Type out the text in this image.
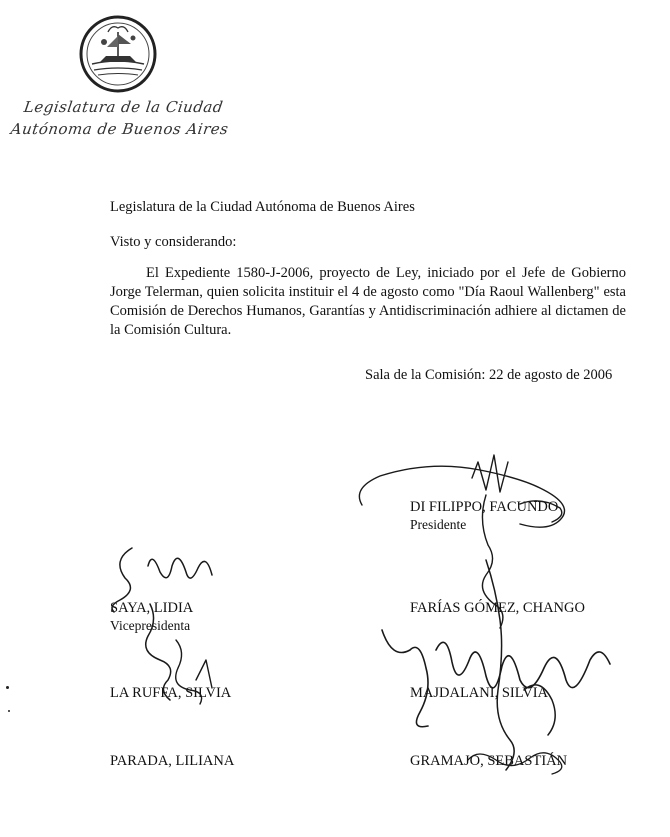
Legislatura de la Ciudad
Autónoma de Buenos Aires
Legislatura de la Ciudad Autónoma de Buenos Aires
Visto y considerando:
El Expediente 1580-J-2006, proyecto de Ley, iniciado por el Jefe de Gobierno Jorge Telerman, quien solicita instituir el 4 de agosto como "Día Raoul Wallenberg" esta Comisión de Derechos Humanos, Garantías y Antidiscriminación adhiere al dictamen de la Comisión Cultura.
Sala de la Comisión: 22 de agosto de 2006
DI FILIPPO, FACUNDO
Presidente
SAYA, LIDIA
Vicepresidenta
FARÍAS GÓMEZ, CHANGO
LA RUFFA, SILVIA	MAJDALANI, SILVIA
PARADA, LILIANA	GRAMAJO, SEBASTIÁN
